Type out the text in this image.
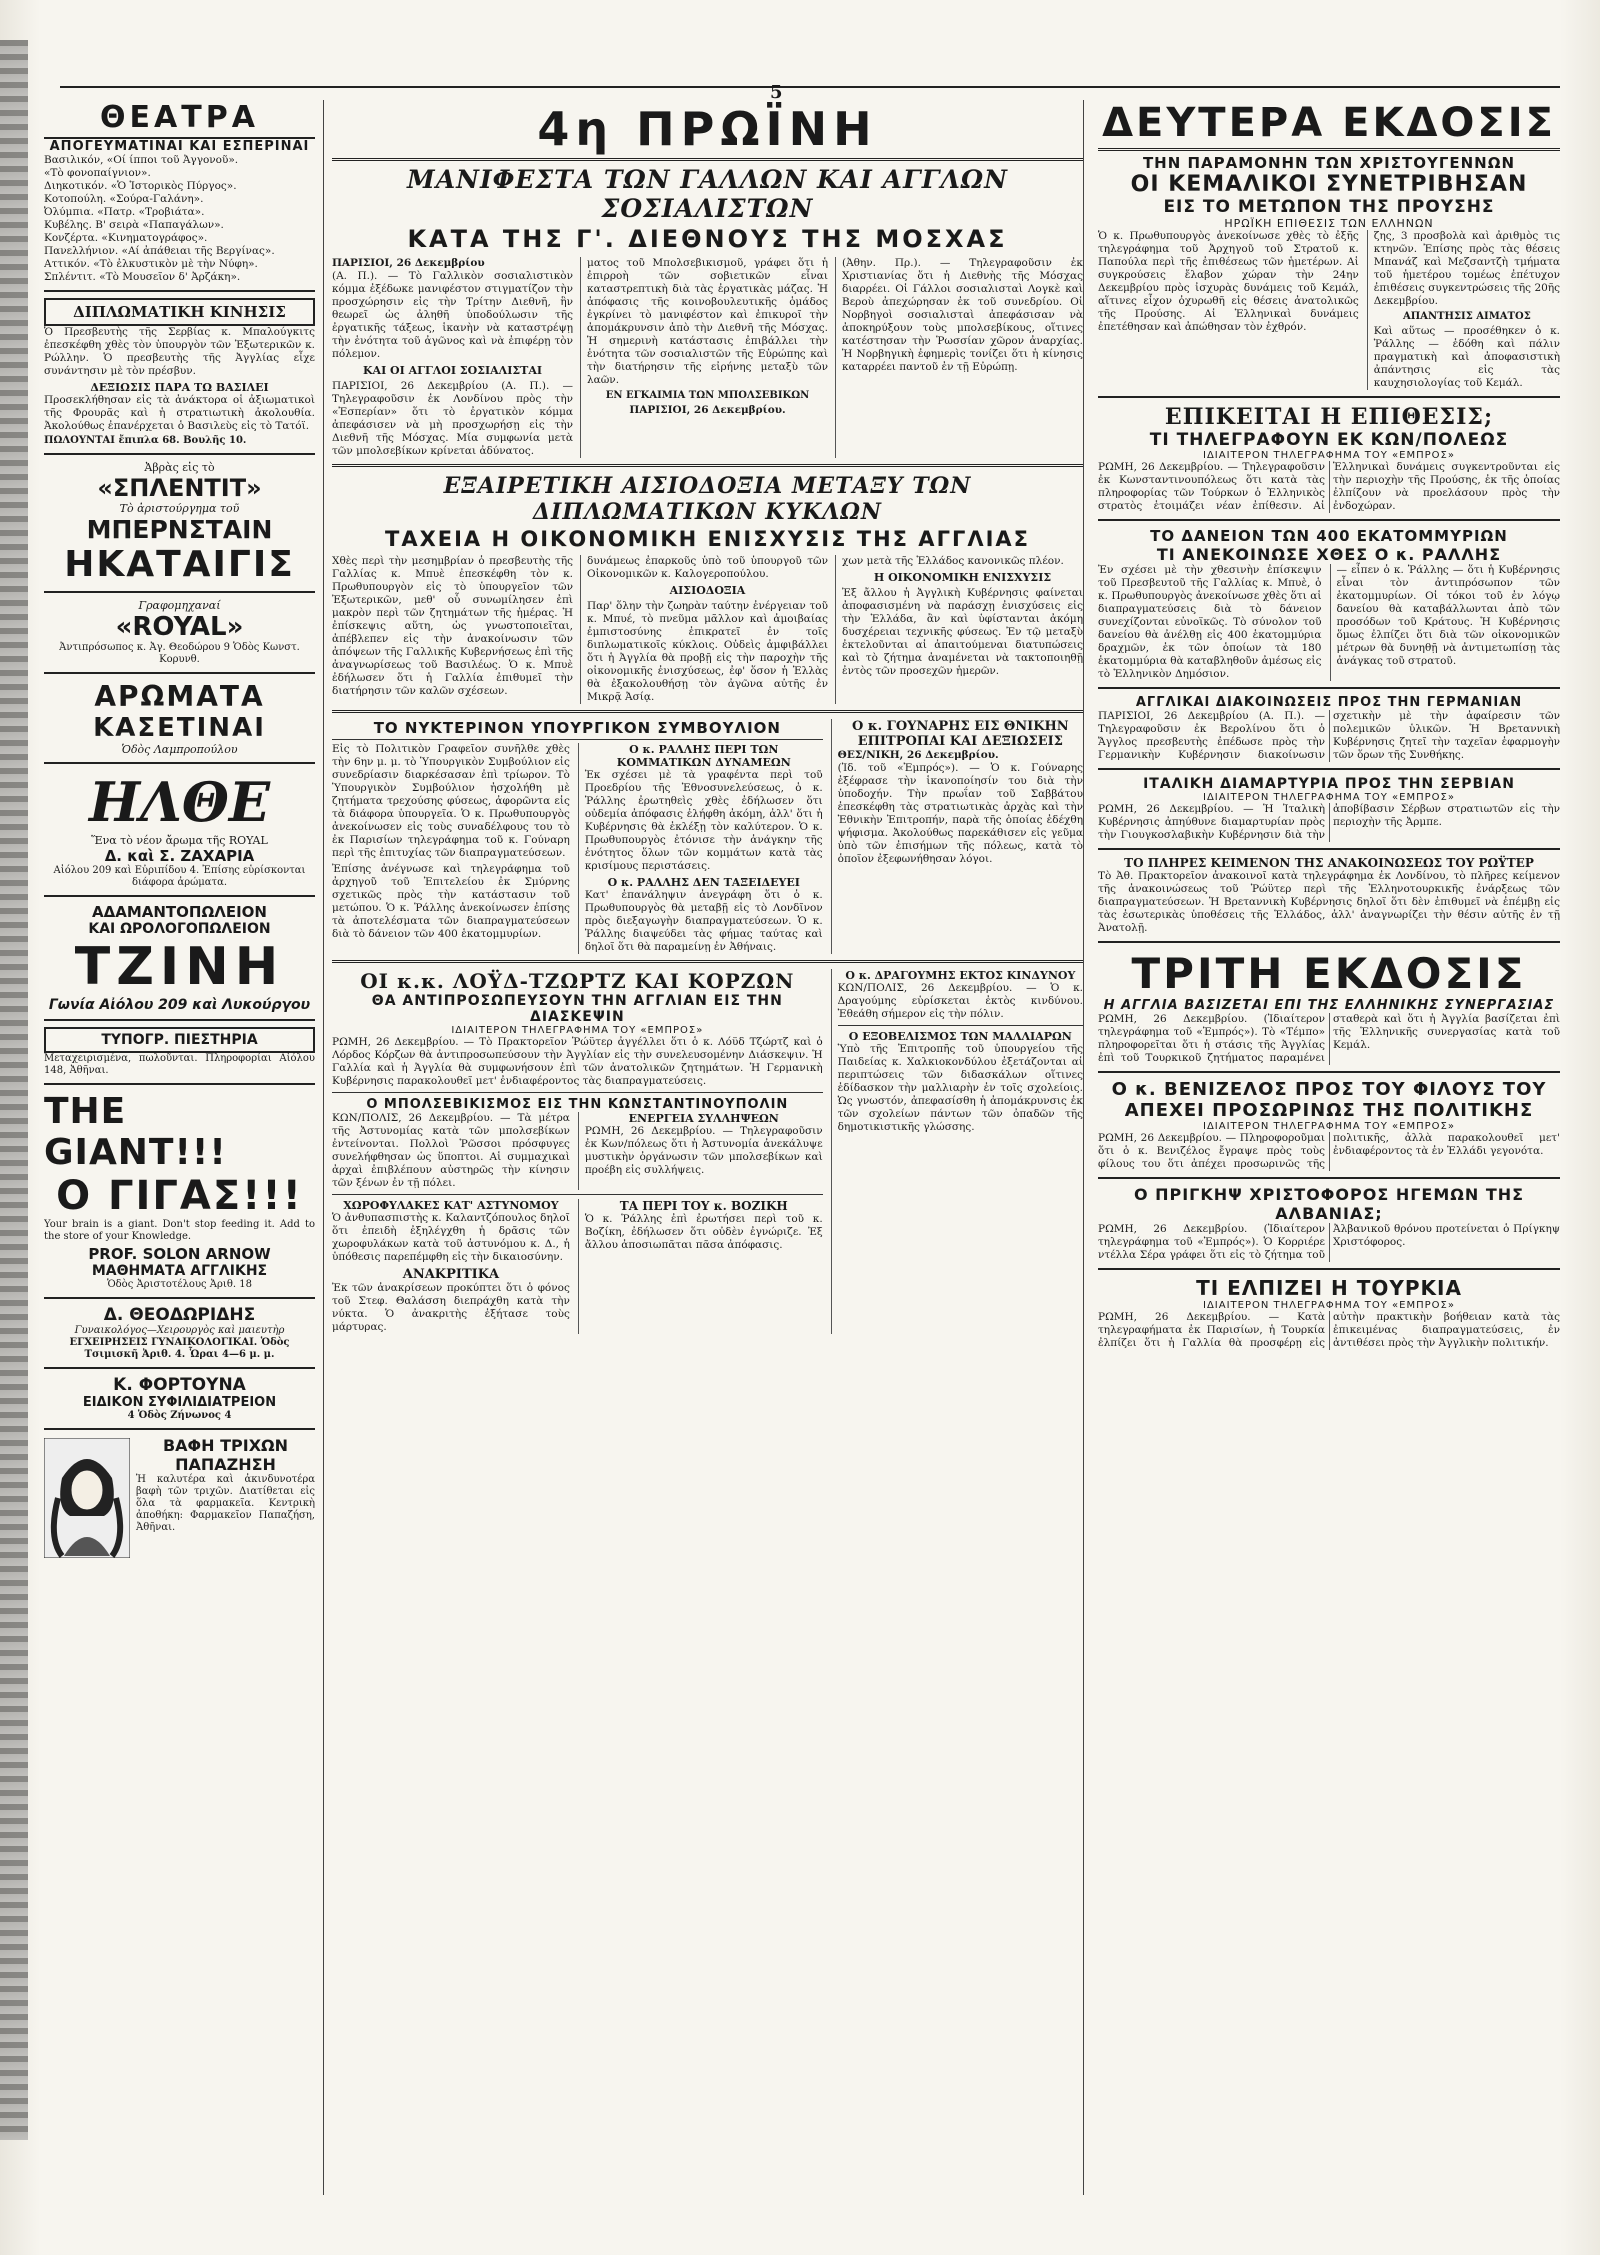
5
ΘΕΑΤΡΑ
ΑΠΟΓΕΥΜΑΤΙΝΑΙ ΚΑΙ ΕΣΠΕΡΙΝΑΙ
Βασιλικόν, «Οί ίπποι τοῦ Ἀγγονοῦ».
«Τὸ φονοπαίγνιον».
Διηκοτικόν. «Ὁ Ἱστορικὸς Πύργος».
Κοτοπούλη. «Σούρα-Γαλάνη».
Ὀλύμπια. «Πατρ. «Τροβιάτα».
Κυβέλης. Β' σειρὰ «Παπαγάλων».
Κονζέρτα. «Κινηματογράφος».
Πανελλήνιον. «Αί ἀπάθειαι τῆς Βεργίνας».
Αττικόν. «Τὸ ἐλκυστικὸν μὲ τὴν Νύφη».
Σπλέντιτ. «Τὸ Μουσεῖον δ' Ἀρζάκη».
ΔΙΠΛΩΜΑΤΙΚΗ ΚΙΝΗΣΙΣ
Ὁ Πρεσβευτὴς τῆς Σερβίας κ. Μπαλούγκιτς ἐπεσκέφθη χθὲς τὸν ὑπουργὸν τῶν Ἐξωτερικῶν κ. Ρώλλην. Ὁ πρεσβευτὴς τῆς Ἀγγλίας εἶχε συνάντησιν μὲ τὸν πρέσβυν.
ΔΕΞΙΩΣΙΣ ΠΑΡΑ ΤΩ ΒΑΣΙΛΕΙ
Προσεκλήθησαν εἰς τὰ ἀνάκτορα οἱ ἀξιωματικοὶ τῆς Φρουρᾶς καὶ ἡ στρατιωτικὴ ἀκολουθία. Ἀκολούθως ἐπανέρχεται ὁ Βασιλεὺς εἰς τὸ Τατόϊ.
ΠΩΛΟΥΝΤΑΙ ἔπιπλα 68. Βουλῆς 10.
Ἀβρὰς εἰς τὸ
«ΣΠΛΕΝΤΙΤ»
Τὸ ἀριστούργημα τοῦ
ΜΠΕΡΝΣΤΑΙΝ
ΗΚΑΤΑΙΓΙΣ
Γραφομηχαναί
«ROYAL»
Ἀντιπρόσωπος κ. Ἀγ. Θεοδώρου 9 Ὁδὸς Κωνστ. Κορυνθ.
ΑΡΩΜΑΤΑ
ΚΑΣΕΤΙΝΑΙ
Ὁδὸς Λαμπροπούλου
ΗΛΘΕ
Ἕνα τὸ νέον ἄρωμα τῆς ROYAL
Δ. καὶ Σ. ΖΑΧΑΡΙΑ
Αἰόλου 209 καὶ Εὐριπίδου 4. Ἐπίσης εὑρίσκονται διάφορα ἀρώματα.
ΑΔΑΜΑΝΤΟΠΩΛΕΙΟΝ
ΚΑΙ ΩΡΟΛΟΓΟΠΩΛΕΙΟΝ
ΤΖΙΝΗ
Γωνία Αἰόλου 209 καὶ Λυκούργου
ΤΥΠΟΓΡ. ΠΙΕΣΤΗΡΙΑ
Μεταχειρισμένα, πωλοῦνται. Πληροφορίαι Αἰόλου 148, Ἀθῆναι.
THE GIANT!!!
Ο ΓΙΓΑΣ!!!
Your brain is a giant. Don't stop feeding it. Add to the store of your Knowledge.
PROF. SOLON ARNOW
ΜΑΘΗΜΑΤΑ ΑΓΓΛΙΚΗΣ
Ὁδὸς Ἀριστοτέλους Ἀριθ. 18
Δ. ΘΕΟΔΩΡΙΔΗΣ
Γυναικολόγος—Χειρουργὸς καὶ μαιευτὴρ
ΕΓΧΕΙΡΗΣΕΙΣ ΓΥΝΑΙΚΟΛΟΓΙΚΑΙ. Ὁδὸς Τσιμισκῆ Ἀριθ. 4. Ὧραι 4—6 μ. μ.
Κ. ΦΟΡΤΟΥΝΑ
ΕΙΔΙΚΟΝ ΣΥΦΙΛΙΔΙΑΤΡΕΙΟΝ
4 Ὁδὸς Ζήνωνος 4
ΒΑΦΗ ΤΡΙΧΩΝ ΠΑΠΑΖΗΣΗ
Ἡ καλυτέρα καὶ ἀκινδυνοτέρα βαφὴ τῶν τριχῶν. Διατίθεται εἰς ὅλα τὰ φαρμακεῖα. Κεντρικὴ ἀποθήκη: Φαρμακεῖον Παπαζήση, Ἀθῆναι.
4η ΠΡΩΪΝΗ
ΜΑΝΙΦΕΣΤΑ ΤΩΝ ΓΑΛΛΩΝ ΚΑΙ ΑΓΓΛΩΝ ΣΟΣΙΑΛΙΣΤΩΝ
ΚΑΤΑ ΤΗΣ Γ'. ΔΙΕΘΝΟΥΣ ΤΗΣ ΜΟΣΧΑΣ
ΠΑΡΙΣΙΟΙ, 26 Δεκεμβρίου
(Α. Π.). — Τὸ Γαλλικὸν σοσιαλιστικὸν κόμμα ἐξέδωκε μανιφέστον στιγματίζον τὴν προσχώρησιν εἰς τὴν Τρίτην Διεθνῆ, ἣν θεωρεῖ ὡς ἀληθῆ ὑποδούλωσιν τῆς ἐργατικῆς τάξεως, ἱκανὴν νὰ καταστρέψῃ τὴν ἑνότητα τοῦ ἀγῶνος καὶ νὰ ἐπιφέρῃ τὸν πόλεμον.
ΚΑΙ ΟΙ ΑΓΓΛΟΙ ΣΟΣΙΑΛΙΣΤΑΙ
ΠΑΡΙΣΙΟΙ, 26 Δεκεμβρίου (Α. Π.). — Τηλεγραφοῦσιν ἐκ Λονδίνου πρὸς τὴν «Ἐσπερίαν» ὅτι τὸ ἐργατικὸν κόμμα ἀπεφάσισεν νὰ μὴ προσχωρήσῃ εἰς τὴν Διεθνῆ τῆς Μόσχας. Μία συμφωνία μετὰ τῶν μπολσεβίκων κρίνεται ἀδύνατος.
ματος τοῦ Μπολσεβικισμοῦ, γράφει ὅτι ἡ ἐπιρροὴ τῶν σοβιετικῶν εἶναι καταστρεπτικὴ διὰ τὰς ἐργατικὰς μάζας. Ἡ ἀπόφασις τῆς κοινοβουλευτικῆς ὁμάδος ἐγκρίνει τὸ μανιφέστον καὶ ἐπικυροῖ τὴν ἀπομάκρυνσιν ἀπὸ τὴν Διεθνῆ τῆς Μόσχας. Ἡ σημερινὴ κατάστασις ἐπιβάλλει τὴν ἑνότητα τῶν σοσιαλιστῶν τῆς Εὐρώπης καὶ τὴν διατήρησιν τῆς εἰρήνης μεταξὺ τῶν λαῶν.
ΕΝ ΕΓΚΑΙΜΙΑ ΤΩΝ ΜΠΟΛΣΕΒΙΚΩΝ
ΠΑΡΙΣΙΟΙ, 26 Δεκεμβρίου.
(Ἀθην. Πρ.). — Τηλεγραφοῦσιν ἐκ Χριστιανίας ὅτι ἡ Διεθνὴς τῆς Μόσχας διαρρέει. Οἱ Γάλλοι σοσιαλισταὶ Λογκὲ καὶ Βεροὺ ἀπεχώρησαν ἐκ τοῦ συνεδρίου. Οἱ Νορβηγοὶ σοσιαλισταὶ ἀπεφάσισαν νὰ ἀποκηρύξουν τοὺς μπολσεβίκους, οἵτινες κατέστησαν τὴν Ῥωσσίαν χῶρον ἀναρχίας. Ἡ Νορβηγικὴ ἐφημερὶς τονίζει ὅτι ἡ κίνησις καταρρέει παντοῦ ἐν τῇ Εὐρώπῃ.
ΕΞΑΙΡΕΤΙΚΗ ΑΙΣΙΟΔΟΞΙΑ ΜΕΤΑΞΥ ΤΩΝ ΔΙΠΛΩΜΑΤΙΚΩΝ ΚΥΚΛΩΝ
ΤΑΧΕΙΑ Η ΟΙΚΟΝΟΜΙΚΗ ΕΝΙΣΧΥΣΙΣ ΤΗΣ ΑΓΓΛΙΑΣ
Χθὲς περὶ τὴν μεσημβρίαν ὁ πρεσβευτὴς τῆς Γαλλίας κ. Μπυὲ ἐπεσκέφθη τὸν κ. Πρωθυπουργὸν εἰς τὸ ὑπουργεῖον τῶν Ἐξωτερικῶν, μεθ' οὗ συνωμίλησεν ἐπὶ μακρὸν περὶ τῶν ζητημάτων τῆς ἡμέρας. Ἡ ἐπίσκεψις αὕτη, ὡς γνωστοποιεῖται, ἀπέβλεπεν εἰς τὴν ἀνακοίνωσιν τῶν ἀπόψεων τῆς Γαλλικῆς Κυβερνήσεως ἐπὶ τῆς ἀναγνωρίσεως τοῦ Βασιλέως. Ὁ κ. Μπυὲ ἐδήλωσεν ὅτι ἡ Γαλλία ἐπιθυμεῖ τὴν διατήρησιν τῶν καλῶν σχέσεων.
δυνάμεως ἐπαρκοῦς ὑπὸ τοῦ ὑπουργοῦ τῶν Οἰκονομικῶν κ. Καλογεροπούλου.
ΑΙΣΙΟΔΟΞΙΑ
Παρ' ὅλην τὴν ζωηρὰν ταύτην ἐνέργειαν τοῦ κ. Μπυέ, τὸ πνεῦμα μᾶλλον καὶ ἀμοιβαίας ἐμπιστοσύνης ἐπικρατεῖ ἐν τοῖς διπλωματικοῖς κύκλοις. Οὐδεὶς ἀμφιβάλλει ὅτι ἡ Ἀγγλία θὰ προβῇ εἰς τὴν παροχὴν τῆς οἰκονομικῆς ἐνισχύσεως, ἐφ' ὅσον ἡ Ἑλλὰς θὰ ἐξακολουθήσῃ τὸν ἀγῶνα αὐτῆς ἐν Μικρᾷ Ἀσίᾳ.
χων μετὰ τῆς Ἑλλάδος κανονικῶς πλέον.
Η ΟΙΚΟΝΟΜΙΚΗ ΕΝΙΣΧΥΣΙΣ
Ἐξ ἄλλου ἡ Ἀγγλικὴ Κυβέρνησις φαίνεται ἀποφασισμένη νὰ παράσχῃ ἐνισχύσεις εἰς τὴν Ἑλλάδα, ἂν καὶ ὑφίστανται ἀκόμη δυσχέρειαι τεχνικῆς φύσεως. Ἐν τῷ μεταξὺ ἐκτελοῦνται αἱ ἀπαιτούμεναι διατυπώσεις καὶ τὸ ζήτημα ἀναμένεται νὰ τακτοποιηθῇ ἐντὸς τῶν προσεχῶν ἡμερῶν.
ΤΟ ΝΥΚΤΕΡΙΝΟΝ ΥΠΟΥΡΓΙΚΟΝ ΣΥΜΒΟΥΛΙΟΝ
Εἰς τὸ Πολιτικὸν Γραφεῖον συνῆλθε χθὲς τὴν 6ην μ. μ. τὸ Ὑπουργικὸν Συμβούλιον εἰς συνεδρίασιν διαρκέσασαν ἐπὶ τρίωρον. Τὸ Ὑπουργικὸν Συμβούλιον ἠσχολήθη μὲ ζητήματα τρεχούσης φύσεως, ἀφορῶντα εἰς τὰ διάφορα ὑπουργεῖα. Ὁ κ. Πρωθυπουργὸς ἀνεκοίνωσεν εἰς τοὺς συναδέλφους του τὸ ἐκ Παρισίων τηλεγράφημα τοῦ κ. Γούναρη περὶ τῆς ἐπιτυχίας τῶν διαπραγματεύσεων.
Ἐπίσης ἀνέγνωσε καὶ τηλεγράφημα τοῦ ἀρχηγοῦ τοῦ Ἐπιτελείου ἐκ Σμύρνης σχετικῶς πρὸς τὴν κατάστασιν τοῦ μετώπου. Ὁ κ. Ῥάλλης ἀνεκοίνωσεν ἐπίσης τὰ ἀποτελέσματα τῶν διαπραγματεύσεων διὰ τὸ δάνειον τῶν 400 ἑκατομμυρίων.
Ο κ. ΡΑΛΛΗΣ ΠΕΡΙ ΤΩΝ ΚΟΜΜΑΤΙΚΩΝ ΔΥΝΑΜΕΩΝ
Ἐκ σχέσει μὲ τὰ γραφέντα περὶ τοῦ Προεδρίου τῆς Ἐθνοσυνελεύσεως, ὁ κ. Ῥάλλης ἐρωτηθεὶς χθὲς ἐδήλωσεν ὅτι οὐδεμία ἀπόφασις ἐλήφθη ἀκόμη, ἀλλ' ὅτι ἡ Κυβέρνησις θὰ ἐκλέξῃ τὸν καλύτερον. Ὁ κ. Πρωθυπουργὸς ἐτόνισε τὴν ἀνάγκην τῆς ἑνότητος ὅλων τῶν κομμάτων κατὰ τὰς κρισίμους περιστάσεις.
Ο κ. ΡΑΛΛΗΣ ΔΕΝ ΤΑΞΕΙΔΕΥΕΙ
Κατ' ἐπανάληψιν ἀνεγράφη ὅτι ὁ κ. Πρωθυπουργὸς θὰ μεταβῇ εἰς τὸ Λονδῖνον πρὸς διεξαγωγὴν διαπραγματεύσεων. Ὁ κ. Ῥάλλης διαψεύδει τὰς φήμας ταύτας καὶ δηλοῖ ὅτι θὰ παραμείνῃ ἐν Ἀθήναις.
Ο κ. ΓΟΥΝΑΡΗΣ ΕΙΣ ΘΝΙΚΗΝ ΕΠΙΤΡΟΠΑΙ ΚΑΙ ΔΕΞΙΩΣΕΙΣ
ΘΕΣ/ΝΙΚΗ, 26 Δεκεμβρίου.
(Ἰδ. τοῦ «Ἐμπρός»). — Ὁ κ. Γούναρης ἐξέφρασε τὴν ἱκανοποίησίν του διὰ τὴν ὑποδοχήν. Τὴν πρωΐαν τοῦ Σαββάτου ἐπεσκέφθη τὰς στρατιωτικὰς ἀρχὰς καὶ τὴν Ἐθνικὴν Ἐπιτροπήν, παρὰ τῆς ὁποίας ἐδέχθη ψήφισμα. Ἀκολούθως παρεκάθισεν εἰς γεῦμα ὑπὸ τῶν ἐπισήμων τῆς πόλεως, κατὰ τὸ ὁποῖον ἐξεφωνήθησαν λόγοι.
ΟΙ κ.κ. ΛΟΫΔ-ΤΖΩΡΤΖ ΚΑΙ ΚΟΡΖΩΝ
ΘΑ ΑΝΤΙΠΡΟΣΩΠΕΥΣΟΥΝ ΤΗΝ ΑΓΓΛΙΑΝ ΕΙΣ ΤΗΝ ΔΙΑΣΚΕΨΙΝ
ΙΔΙΑΙΤΕΡΟΝ ΤΗΛΕΓΡΑΦΗΜΑ ΤΟΥ «ΕΜΠΡΟΣ»
ΡΩΜΗ, 26 Δεκεμβρίου. — Τὸ Πρακτορεῖον Ῥώϋτερ ἀγγέλλει ὅτι ὁ κ. Λόϋδ Τζώρτζ καὶ ὁ Λόρδος Κόρζων θὰ ἀντιπροσωπεύσουν τὴν Ἀγγλίαν εἰς τὴν συνελευσομένην Διάσκεψιν. Ἡ Γαλλία καὶ ἡ Ἀγγλία θὰ συμφωνήσουν ἐπὶ τῶν ἀνατολικῶν ζητημάτων. Ἡ Γερμανικὴ Κυβέρνησις παρακολουθεῖ μετ' ἐνδιαφέροντος τὰς διαπραγματεύσεις.
Ο ΜΠΟΛΣΕΒΙΚΙΣΜΟΣ ΕΙΣ ΤΗΝ ΚΩΝΣΤΑΝΤΙΝΟΥΠΟΛΙΝ
ΚΩΝ/ΠΟΛΙΣ, 26 Δεκεμβρίου. — Τὰ μέτρα τῆς Ἀστυνομίας κατὰ τῶν μπολσεβίκων ἐντείνονται. Πολλοὶ Ῥῶσσοι πρόσφυγες συνελήφθησαν ὡς ὕποπτοι. Αἱ συμμαχικαὶ ἀρχαὶ ἐπιβλέπουν αὐστηρῶς τὴν κίνησιν τῶν ξένων ἐν τῇ πόλει.
ΕΝΕΡΓΕΙΑ ΣΥΛΛΗΨΕΩΝ
ΡΩΜΗ, 26 Δεκεμβρίου. — Τηλεγραφοῦσιν ἐκ Κων/πόλεως ὅτι ἡ Ἀστυνομία ἀνεκάλυψε μυστικὴν ὀργάνωσιν τῶν μπολσεβίκων καὶ προέβη εἰς συλλήψεις.
ΧΩΡΟΦΥΛΑΚΕΣ ΚΑΤ' ΑΣΤΥΝΟΜΟΥ
Ὁ ἀνθυπασπιστὴς κ. Καλαντζόπουλος δηλοῖ ὅτι ἐπειδὴ ἐξηλέγχθη ἡ δρᾶσις τῶν χωροφυλάκων κατὰ τοῦ ἀστυνόμου κ. Δ., ἡ ὑπόθεσις παρεπέμφθη εἰς τὴν δικαιοσύνην.
ΑΝΑΚΡΙΤΙΚΑ
Ἐκ τῶν ἀνακρίσεων προκύπτει ὅτι ὁ φόνος τοῦ Στεφ. Θαλάσση διεπράχθη κατὰ τὴν νύκτα. Ὁ ἀνακριτὴς ἐξήτασε τοὺς μάρτυρας.
ΤΑ ΠΕΡΙ ΤΟΥ κ. ΒΟΖΙΚΗ
Ὁ κ. Ῥάλλης ἐπὶ ἐρωτήσει περὶ τοῦ κ. Βοζίκη, ἐδήλωσεν ὅτι οὐδὲν ἐγνώριζε. Ἐξ ἄλλου ἀποσιωπᾶται πᾶσα ἀπόφασις.
Ο κ. ΔΡΑΓΟΥΜΗΣ ΕΚΤΟΣ ΚΙΝΔΥΝΟΥ
ΚΩΝ/ΠΟΛΙΣ, 26 Δεκεμβρίου. — Ὁ κ. Δραγούμης εὑρίσκεται ἐκτὸς κινδύνου. Ἐθεάθη σήμερον εἰς τὴν πόλιν.
Ο ΕΞΟΒΕΛΙΣΜΟΣ ΤΩΝ ΜΑΛΛΙΑΡΩΝ
Ὑπὸ τῆς Ἐπιτροπῆς τοῦ ὑπουργείου τῆς Παιδείας κ. Χαλκιοκονδύλου ἐξετάζονται αἱ περιπτώσεις τῶν διδασκάλων οἵτινες ἐδίδασκον τὴν μαλλιαρὴν ἐν τοῖς σχολείοις. Ὡς γνωστόν, ἀπεφασίσθη ἡ ἀπομάκρυνσις ἐκ τῶν σχολείων πάντων τῶν ὀπαδῶν τῆς δημοτικιστικῆς γλώσσης.
ΔΕΥΤΕΡΑ ΕΚΔΟΣΙΣ
ΤΗΝ ΠΑΡΑΜΟΝΗΝ ΤΩΝ ΧΡΙΣΤΟΥΓΕΝΝΩΝ
ΟΙ ΚΕΜΑΛΙΚΟΙ ΣΥΝΕΤΡΙΒΗΣΑΝ
ΕΙΣ ΤΟ ΜΕΤΩΠΟΝ ΤΗΣ ΠΡΟΥΣΗΣ
ΗΡΩΪΚΗ ΕΠΙΘΕΣΙΣ ΤΩΝ ΕΛΛΗΝΩΝ
Ὁ κ. Πρωθυπουργὸς ἀνεκοίνωσε χθὲς τὸ ἐξῆς τηλεγράφημα τοῦ Ἀρχηγοῦ τοῦ Στρατοῦ κ. Παπούλα περὶ τῆς ἐπιθέσεως τῶν ἡμετέρων. Αἱ συγκρούσεις ἔλαβον χώραν τὴν 24ην Δεκεμβρίου πρὸς ἰσχυρὰς δυνάμεις τοῦ Κεμάλ, αἵτινες εἶχον ὀχυρωθῆ εἰς θέσεις ἀνατολικῶς τῆς Προύσης. Αἱ Ἑλληνικαὶ δυνάμεις ἐπετέθησαν καὶ ἀπώθησαν τὸν ἐχθρόν.
ζης, 3 προσβολὰ καὶ ἀριθμὸς τις κτηνῶν. Ἐπίσης πρὸς τὰς θέσεις Μπανάζ καὶ Μεζσαντζὴ τμήματα τοῦ ἡμετέρου τομέως ἐπέτυχον ἐπιθέσεις συγκεντρώσεις τῆς 20ῆς Δεκεμβρίου.
ΑΠΑΝΤΗΣΙΣ ΑΙΜΑΤΟΣ
Καὶ αὕτως — προσέθηκεν ὁ κ. Ῥάλλης — ἐδόθη καὶ πάλιν πραγματικὴ καὶ ἀποφασιστικὴ ἀπάντησις εἰς τὰς καυχησιολογίας τοῦ Κεμάλ.
ΕΠΙΚΕΙΤΑΙ Η ΕΠΙΘΕΣΙΣ;
ΤΙ ΤΗΛΕΓΡΑΦΟΥΝ ΕΚ ΚΩΝ/ΠΟΛΕΩΣ
ΙΔΙΑΙΤΕΡΟΝ ΤΗΛΕΓΡΑΦΗΜΑ ΤΟΥ «ΕΜΠΡΟΣ»
ΡΩΜΗ, 26 Δεκεμβρίου. — Τηλεγραφοῦσιν ἐκ Κωνσταντινουπόλεως ὅτι κατὰ τὰς πληροφορίας τῶν Τούρκων ὁ Ἑλληνικὸς στρατὸς ἑτοιμάζει νέαν ἐπίθεσιν. Αἱ Ἑλληνικαὶ δυνάμεις συγκεντροῦνται εἰς τὴν περιοχὴν τῆς Προύσης, ἐκ τῆς ὁποίας ἐλπίζουν νὰ προελάσουν πρὸς τὴν ἐνδοχώραν.
ΤΟ ΔΑΝΕΙΟΝ ΤΩΝ 400 ΕΚΑΤΟΜΜΥΡΙΩΝ
ΤΙ ΑΝΕΚΟΙΝΩΣΕ ΧΘΕΣ Ο κ. ΡΑΛΛΗΣ
Ἐν σχέσει μὲ τὴν χθεσινὴν ἐπίσκεψιν τοῦ Πρεσβευτοῦ τῆς Γαλλίας κ. Μπυὲ, ὁ κ. Πρωθυπουργὸς ἀνεκοίνωσε χθὲς ὅτι αἱ διαπραγματεύσεις διὰ τὸ δάνειον συνεχίζονται εὐνοϊκῶς. Τὸ σύνολον τοῦ δανείου θὰ ἀνέλθῃ εἰς 400 ἑκατομμύρια δραχμῶν, ἐκ τῶν ὁποίων τὰ 180 ἑκατομμύρια θὰ καταβληθοῦν ἀμέσως εἰς τὸ Ἑλληνικὸν Δημόσιον.
— εἶπεν ὁ κ. Ῥάλλης — ὅτι ἡ Κυβέρνησις εἶναι τὸν ἀντιπρόσωπον τῶν ἑκατομμυρίων. Οἱ τόκοι τοῦ ἐν λόγῳ δανείου θὰ καταβάλλωνται ἀπὸ τῶν προσόδων τοῦ Κράτους. Ἡ Κυβέρνησις ὅμως ἐλπίζει ὅτι διὰ τῶν οἰκονομικῶν μέτρων θὰ δυνηθῇ νὰ ἀντιμετωπίσῃ τὰς ἀνάγκας τοῦ στρατοῦ.
ΑΓΓΛΙΚΑΙ ΔΙΑΚΟΙΝΩΣΕΙΣ ΠΡΟΣ ΤΗΝ ΓΕΡΜΑΝΙΑΝ
ΠΑΡΙΣΙΟΙ, 26 Δεκεμβρίου (Α. Π.). — Τηλεγραφοῦσιν ἐκ Βερολίνου ὅτι ὁ Ἄγγλος πρεσβευτὴς ἐπέδωσε πρὸς τὴν Γερμανικὴν Κυβέρνησιν διακοίνωσιν σχετικὴν μὲ τὴν ἀφαίρεσιν τῶν πολεμικῶν ὑλικῶν. Ἡ Βρεταννικὴ Κυβέρνησις ζητεῖ τὴν ταχεῖαν ἐφαρμογὴν τῶν ὅρων τῆς Συνθήκης.
ΙΤΑΛΙΚΗ ΔΙΑΜΑΡΤΥΡΙΑ ΠΡΟΣ ΤΗΝ ΣΕΡΒΙΑΝ
ΙΔΙΑΙΤΕΡΟΝ ΤΗΛΕΓΡΑΦΗΜΑ ΤΟΥ «ΕΜΠΡΟΣ»
ΡΩΜΗ, 26 Δεκεμβρίου. — Ἡ Ἰταλικὴ Κυβέρνησις ἀπηύθυνε διαμαρτυρίαν πρὸς τὴν Γιουγκοσλαβικὴν Κυβέρνησιν διὰ τὴν ἀποβίβασιν Σέρβων στρατιωτῶν εἰς τὴν περιοχὴν τῆς Ἀρμπε.
ΤΟ ΠΛΗΡΕΣ ΚΕΙΜΕΝΟΝ ΤΗΣ ΑΝΑΚΟΙΝΩΣΕΩΣ ΤΟΥ ΡΩΫΤΕΡ
Τὸ Ἀθ. Πρακτορεῖον ἀνακοινοῖ κατὰ τηλεγράφημα ἐκ Λονδίνου, τὸ πλῆρες κείμενον τῆς ἀνακοινώσεως τοῦ Ῥώϋτερ περὶ τῆς Ἑλληνοτουρκικῆς ἐνάρξεως τῶν διαπραγματεύσεων. Ἡ Βρεταννικὴ Κυβέρνησις δηλοῖ ὅτι δὲν ἐπιθυμεῖ νὰ ἐπέμβῃ εἰς τὰς ἐσωτερικὰς ὑποθέσεις τῆς Ἑλλάδος, ἀλλ' ἀναγνωρίζει τὴν θέσιν αὐτῆς ἐν τῇ Ἀνατολῇ.
ΤΡΙΤΗ ΕΚΔΟΣΙΣ
Η ΑΓΓΛΙΑ ΒΑΣΙΖΕΤΑΙ ΕΠΙ ΤΗΣ ΕΛΛΗΝΙΚΗΣ ΣΥΝΕΡΓΑΣΙΑΣ
ΡΩΜΗ, 26 Δεκεμβρίου. (Ἰδιαίτερον τηλεγράφημα τοῦ «Ἐμπρός»). Τὸ «Τέμπο» πληροφορεῖται ὅτι ἡ στάσις τῆς Ἀγγλίας ἐπὶ τοῦ Τουρκικοῦ ζητήματος παραμένει σταθερὰ καὶ ὅτι ἡ Ἀγγλία βασίζεται ἐπὶ τῆς Ἑλληνικῆς συνεργασίας κατὰ τοῦ Κεμάλ.
Ο κ. ΒΕΝΙΖΕΛΟΣ ΠΡΟΣ ΤΟΥ ΦΙΛΟΥΣ ΤΟΥ
ΑΠΕΧΕΙ ΠΡΟΣΩΡΙΝΩΣ ΤΗΣ ΠΟΛΙΤΙΚΗΣ
ΙΔΙΑΙΤΕΡΟΝ ΤΗΛΕΓΡΑΦΗΜΑ ΤΟΥ «ΕΜΠΡΟΣ»
ΡΩΜΗ, 26 Δεκεμβρίου. — Πληροφοροῦμαι ὅτι ὁ κ. Βενιζέλος ἔγραψε πρὸς τοὺς φίλους του ὅτι ἀπέχει προσωρινῶς τῆς πολιτικῆς, ἀλλὰ παρακολουθεῖ μετ' ἐνδιαφέροντος τὰ ἐν Ἑλλάδι γεγονότα.
Ο ΠΡΙΓΚΗΨ ΧΡΙΣΤΟΦΟΡΟΣ ΗΓΕΜΩΝ ΤΗΣ ΑΛΒΑΝΙΑΣ;
ΡΩΜΗ, 26 Δεκεμβρίου. (Ἰδιαίτερον τηλεγράφημα τοῦ «Ἐμπρός»). Ὁ Κορριέρε ντέλλα Σέρα γράφει ὅτι εἰς τὸ ζήτημα τοῦ Ἀλβανικοῦ θρόνου προτείνεται ὁ Πρίγκηψ Χριστόφορος.
ΤΙ ΕΛΠΙΖΕΙ Η ΤΟΥΡΚΙΑ
ΙΔΙΑΙΤΕΡΟΝ ΤΗΛΕΓΡΑΦΗΜΑ ΤΟΥ «ΕΜΠΡΟΣ»
ΡΩΜΗ, 26 Δεκεμβρίου. — Κατὰ τηλεγραφήματα ἐκ Παρισίων, ἡ Τουρκία ἐλπίζει ὅτι ἡ Γαλλία θὰ προσφέρῃ εἰς αὐτὴν πρακτικὴν βοήθειαν κατὰ τὰς ἐπικειμένας διαπραγματεύσεις, ἐν ἀντιθέσει πρὸς τὴν Ἀγγλικὴν πολιτικήν.
